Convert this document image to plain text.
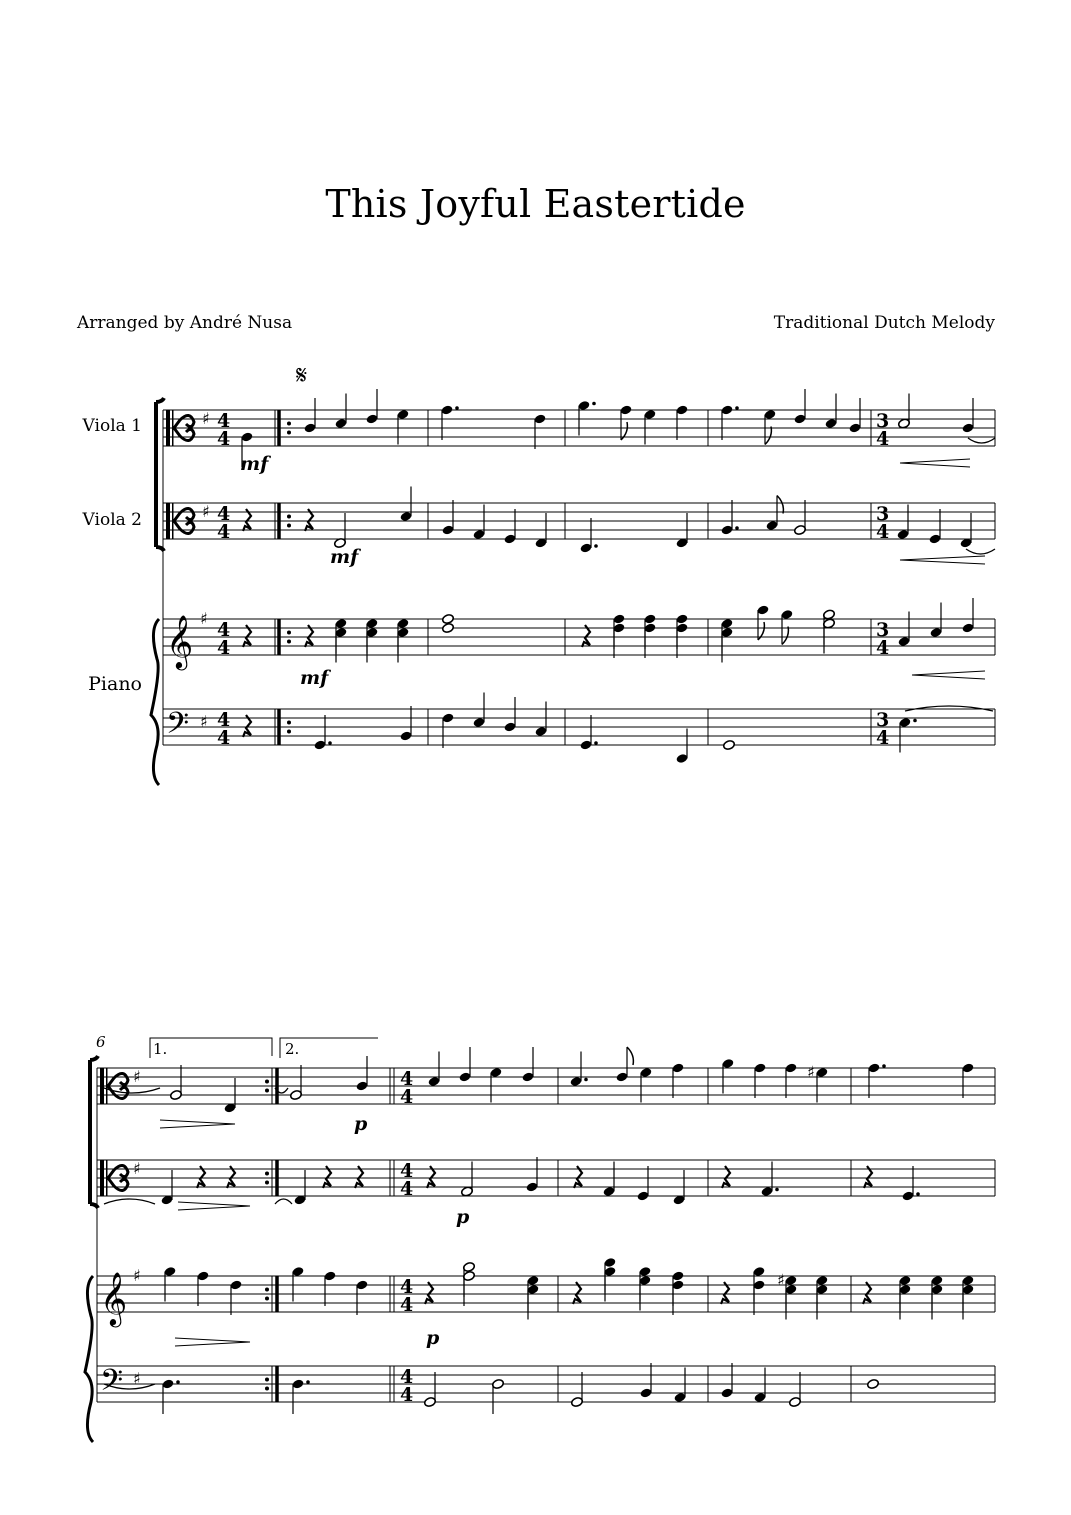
This Joyful Eastertide
Arranged by André Nusa	Traditional Dutch Melody
Viola 1
Viola 2
Piano
6	1.	2.
𝄋
𝄞
𝄢
♯
♯
♯
♯
4
4
4
4
4
4
4
4
3
4
3
4
3
4
3
4
mf
mf
mf
𝄞
𝄢
♯
♯
♯
♯
4
4
4
4
4
4
4
4
p
♯
p
p
♯
